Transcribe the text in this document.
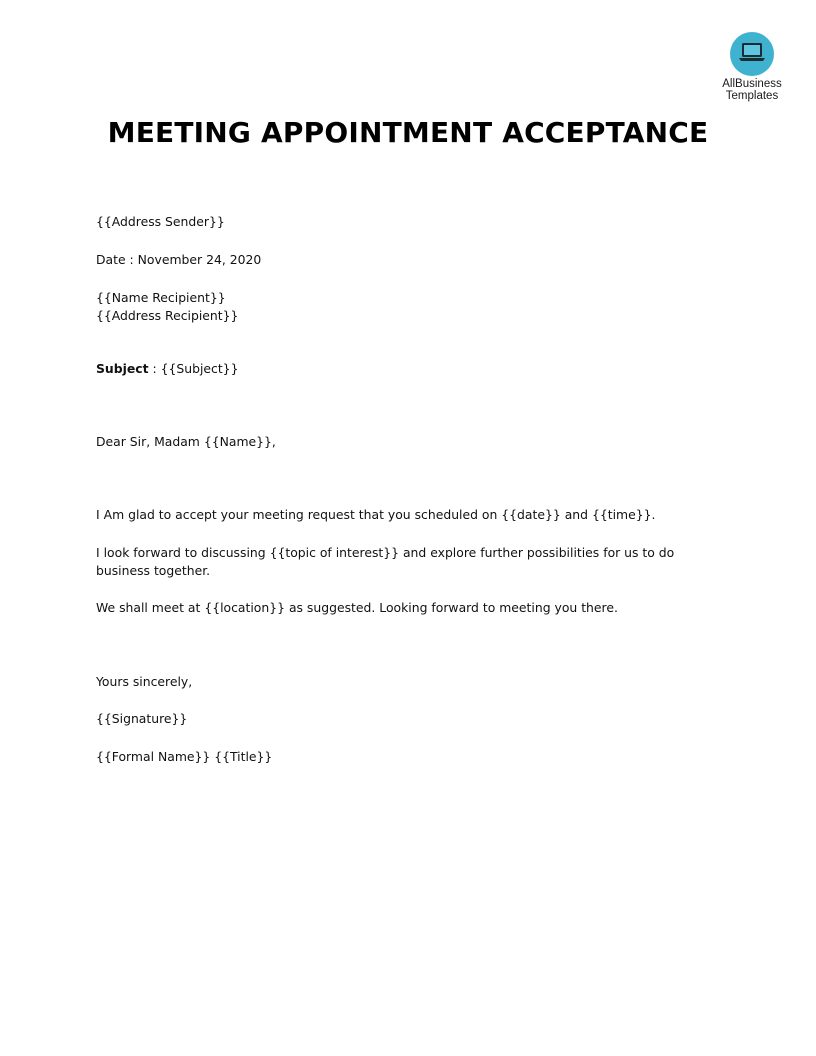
AllBusiness
Templates
MEETING APPOINTMENT ACCEPTANCE
{{Address Sender}}
Date : November 24, 2020
{{Name Recipient}}
{{Address Recipient}}
Subject : {{Subject}}
Dear Sir, Madam {{Name}},
I Am glad to accept your meeting request that you scheduled on {{date}} and {{time}}.
I look forward to discussing {{topic of interest}} and explore further possibilities for us to do business together.
We shall meet at {{location}} as suggested. Looking forward to meeting you there.
Yours sincerely,
{{Signature}}
{{Formal Name}} {{Title}}
